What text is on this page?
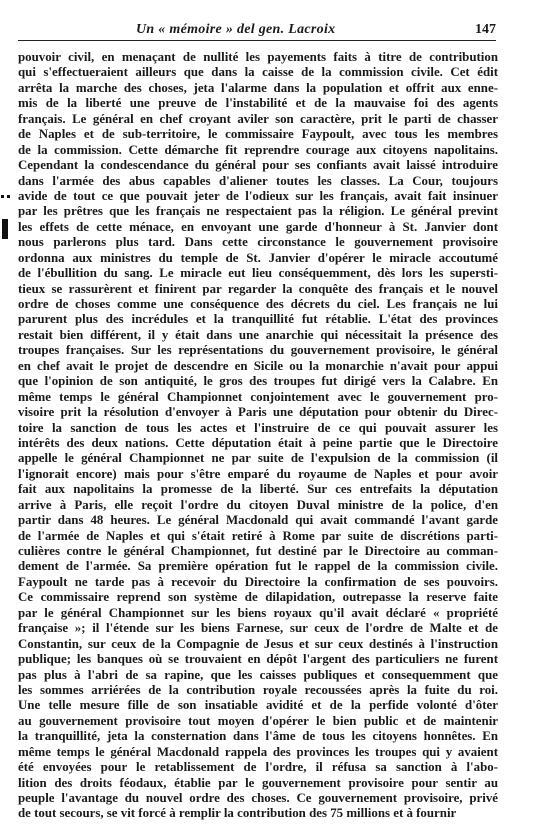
Un « mémoire » del gen. Lacroix	147
pouvoir civil, en menaçant de nullité les payements faits à titre de contribution
qui s'effectueraient ailleurs que dans la caisse de la commission civile. Cet édit
arrêta la marche des choses, jeta l'alarme dans la population et offrit aux enne-
mis de la liberté une preuve de l'instabilité et de la mauvaise foi des agents
français. Le général en chef croyant aviler son caractère, prit le parti de chasser
de Naples et de sub-territoire, le commissaire Faypoult, avec tous les membres
de la commission. Cette démarche fit reprendre courage aux citoyens napolitains.
Cependant la condescendance du général pour ses confiants avait laissé introduire
dans l'armée des abus capables d'aliener toutes les classes. La Cour, toujours
avide de tout ce que pouvait jeter de l'odieux sur les français, avait fait insinuer
par les prêtres que les français ne respectaient pas la réligion. Le général prevint
les effets de cette ménace, en envoyant une garde d'honneur à St. Janvier dont
nous parlerons plus tard. Dans cette circonstance le gouvernement provisoire
ordonna aux ministres du temple de St. Janvier d'opérer le miracle accoutumé
de l'ébullition du sang. Le miracle eut lieu conséquemment, dès lors les supersti-
tieux se rassurèrent et finirent par regarder la conquête des français et le nouvel
ordre de choses comme une conséquence des décrets du ciel. Les français ne lui
parurent plus des incrédules et la tranquillité fut rétablie. L'état des provinces
restait bien différent, il y était dans une anarchie qui nécessitait la présence des
troupes françaises. Sur les représentations du gouvernement provisoire, le général
en chef avait le projet de descendre en Sicile ou la monarchie n'avait pour appui
que l'opinion de son antiquité, le gros des troupes fut dirigé vers la Calabre. En
même temps le général Championnet conjointement avec le gouvernement pro-
visoire prit la résolution d'envoyer à Paris une députation pour obtenir du Direc-
toire la sanction de tous les actes et l'instruire de ce qui pouvait assurer les
intérêts des deux nations. Cette députation était à peine partie que le Directoire
appelle le général Championnet ne par suite de l'expulsion de la commission (il
l'ignorait encore) mais pour s'être emparé du royaume de Naples et pour avoir
fait aux napolitains la promesse de la liberté. Sur ces entrefaits la députation
arrive à Paris, elle reçoit l'ordre du citoyen Duval ministre de la police, d'en
partir dans 48 heures. Le général Macdonald qui avait commandé l'avant garde
de l'armée de Naples et qui s'était retiré à Rome par suite de discrétions parti-
culières contre le général Championnet, fut destiné par le Directoire au comman-
dement de l'armée. Sa première opération fut le rappel de la commission civile.
Faypoult ne tarde pas à recevoir du Directoire la confirmation de ses pouvoirs.
Ce commissaire reprend son système de dilapidation, outrepasse la reserve faite
par le général Championnet sur les biens royaux qu'il avait déclaré « propriété
française »; il l'étende sur les biens Farnese, sur ceux de l'ordre de Malte et de
Constantin, sur ceux de la Compagnie de Jesus et sur ceux destinés à l'instruction
publique; les banques où se trouvaient en dépôt l'argent des particuliers ne furent
pas plus à l'abri de sa rapine, que les caisses publiques et consequemment que
les sommes arriérées de la contribution royale recoussées après la fuite du roi.
Une telle mesure fille de son insatiable avidité et de la perfide volonté d'ôter
au gouvernement provisoire tout moyen d'opérer le bien public et de maintenir
la tranquillité, jeta la consternation dans l'âme de tous les citoyens honnêtes. En
même temps le général Macdonald rappela des provinces les troupes qui y avaient
été envoyées pour le retablissement de l'ordre, il réfusa sa sanction à l'abo-
lition des droits féodaux, établie par le gouvernement provisoire pour sentir au
peuple l'avantage du nouvel ordre des choses. Ce gouvernement provisoire, privé
de tout secours, se vit forcé à remplir la contribution des 75 millions et à fournir
